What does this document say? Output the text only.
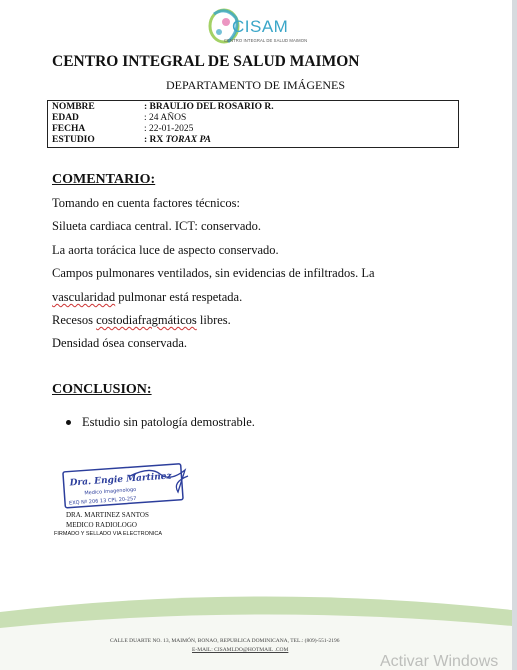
CISAM
CENTRO INTEGRAL DE SALUD MAIMON
CENTRO INTEGRAL DE SALUD MAIMON
DEPARTAMENTO DE IMÁGENES
NOMBRE	: BRAULIO DEL ROSARIO R.
EDAD	: 24 AÑOS
FECHA	: 22-01-2025
ESTUDIO	: RX TORAX PA
COMENTARIO:
Tomando en cuenta factores técnicos:
Silueta cardiaca central. ICT: conservado.
La aorta torácica luce de aspecto conservado.
Campos pulmonares ventilados, sin evidencias de infiltrados. La
vascularidad pulmonar está respetada.
Recesos costodiafragmáticos libres.
Densidad ósea conservada.
CONCLUSION:
Estudio sin patología demostrable.
Dra. Engie Martinez
Medico Imagenologo
EXQ Nº 206 13 CPL 20-257
DRA. MARTINEZ SANTOS
MEDICO RADIOLOGO
FIRMADO Y SELLADO VIA ELECTRONICA
CALLE DUARTE NO. 13, MAIMÓN, BONAO, REPUBLICA DOMINICANA, TEL.: (809)-551-2196
E-MAIL: CISAMLDO@HOTMAIL .COM
Activar Windows
